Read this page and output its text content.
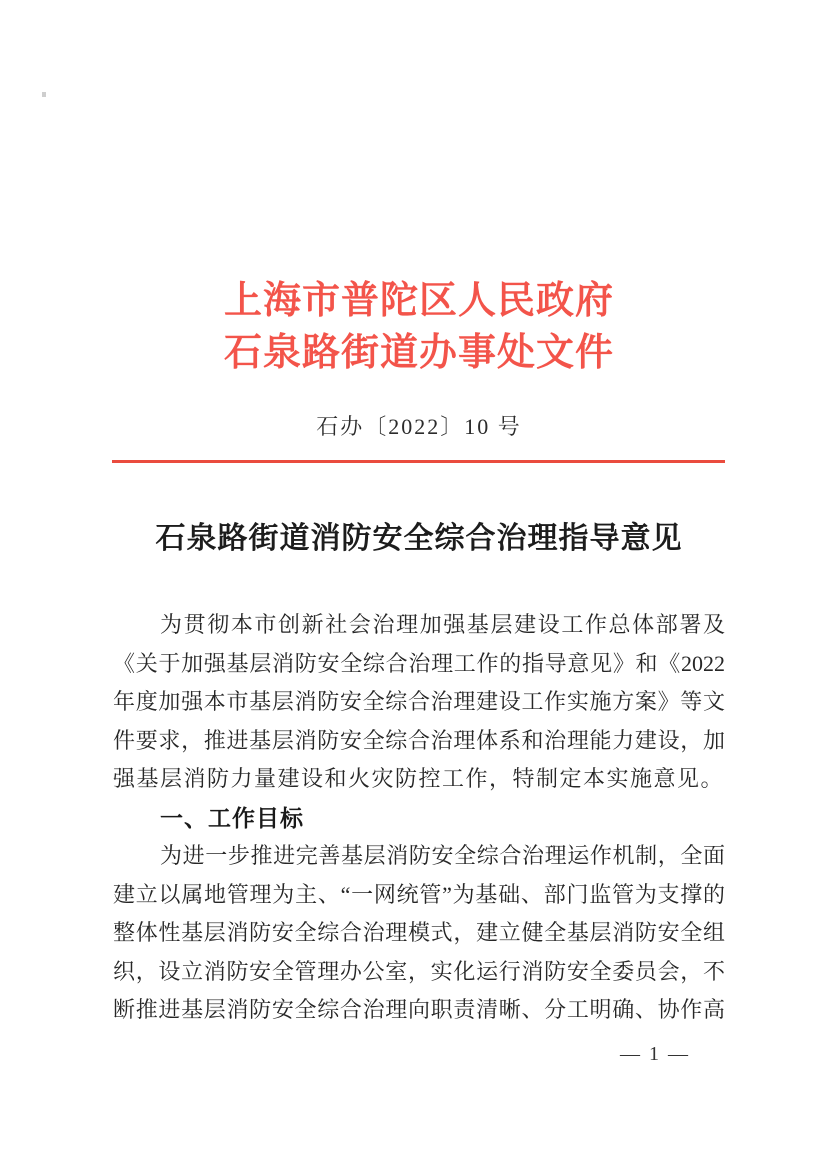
上海市普陀区人民政府
石泉路街道办事处文件
石办〔2022〕10 号
石泉路街道消防安全综合治理指导意见
为贯彻本市创新社会治理加强基层建设工作总体部署及
《关于加强基层消防安全综合治理工作的指导意见》和《2022
年度加强本市基层消防安全综合治理建设工作实施方案》等文
件要求，推进基层消防安全综合治理体系和治理能力建设，加
强基层消防力量建设和火灾防控工作，特制定本实施意见。
一、工作目标
为进一步推进完善基层消防安全综合治理运作机制，全面
建立以属地管理为主、“一网统管”为基础、部门监管为支撑的
整体性基层消防安全综合治理模式，建立健全基层消防安全组
织，设立消防安全管理办公室，实化运行消防安全委员会，不
断推进基层消防安全综合治理向职责清晰、分工明确、协作高
— 1 —
